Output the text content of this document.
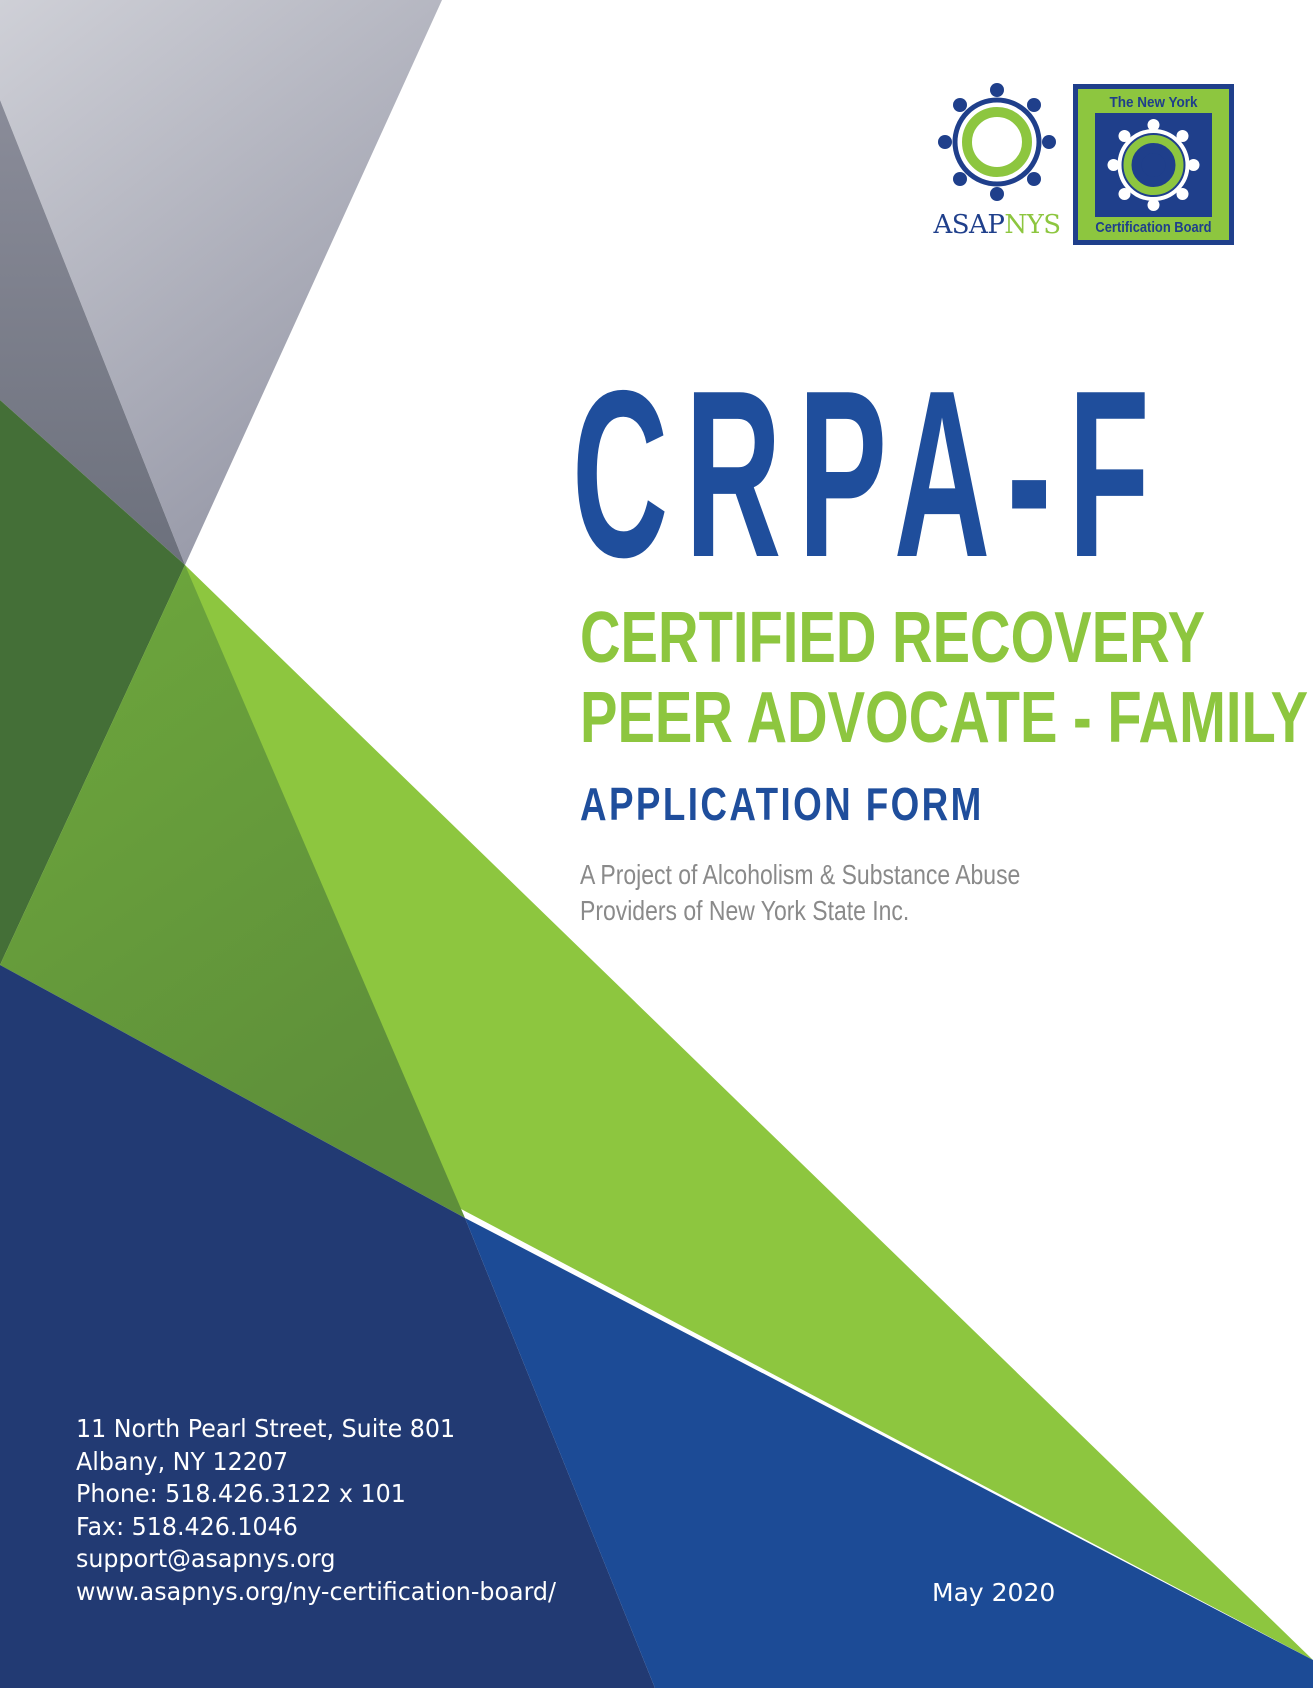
ASAPNYS
The New York
Certification Board
CRPA-F
CERTIFIED RECOVERY
PEER ADVOCATE - FAMILY
APPLICATION FORM
A Project of Alcoholism & Substance Abuse
Providers of New York State Inc.
11 North Pearl Street, Suite 801
Albany, NY 12207
Phone: 518.426.3122 x 101
Fax: 518.426.1046
support@asapnys.org
www.asapnys.org/ny-certification-board/	May 2020
